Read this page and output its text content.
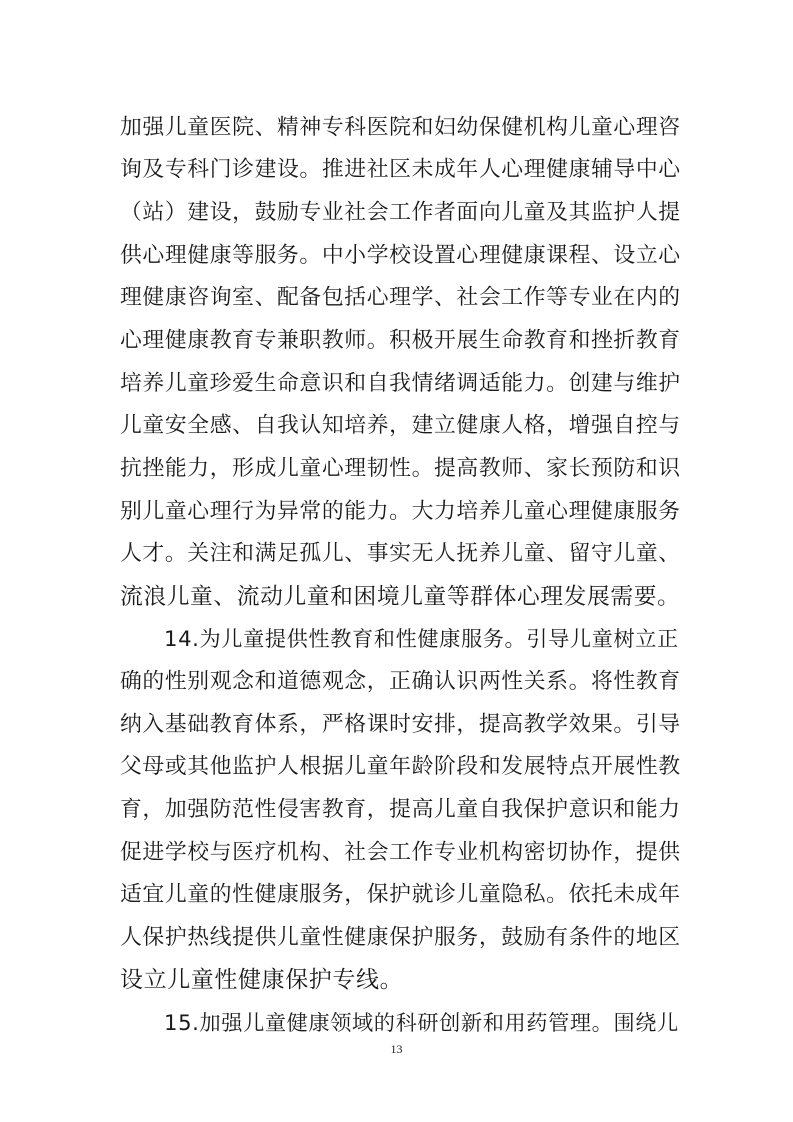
加强儿童医院、精神专科医院和妇幼保健机构儿童心理咨
询及专科门诊建设。推进社区未成年人心理健康辅导中心
（站）建设，鼓励专业社会工作者面向儿童及其监护人提
供心理健康等服务。中小学校设置心理健康课程、设立心
理健康咨询室、配备包括心理学、社会工作等专业在内的
心理健康教育专兼职教师。积极开展生命教育和挫折教育
培养儿童珍爱生命意识和自我情绪调适能力。创建与维护
儿童安全感、自我认知培养，建立健康人格，增强自控与
抗挫能力，形成儿童心理韧性。提高教师、家长预防和识
别儿童心理行为异常的能力。大力培养儿童心理健康服务
人才。关注和满足孤儿、事实无人抚养儿童、留守儿童、
流浪儿童、流动儿童和困境儿童等群体心理发展需要。
14.为儿童提供性教育和性健康服务。引导儿童树立正
确的性别观念和道德观念，正确认识两性关系。将性教育
纳入基础教育体系，严格课时安排，提高教学效果。引导
父母或其他监护人根据儿童年龄阶段和发展特点开展性教
育，加强防范性侵害教育，提高儿童自我保护意识和能力
促进学校与医疗机构、社会工作专业机构密切协作，提供
适宜儿童的性健康服务，保护就诊儿童隐私。依托未成年
人保护热线提供儿童性健康保护服务，鼓励有条件的地区
设立儿童性健康保护专线。
15.加强儿童健康领域的科研创新和用药管理。围绕儿
13
